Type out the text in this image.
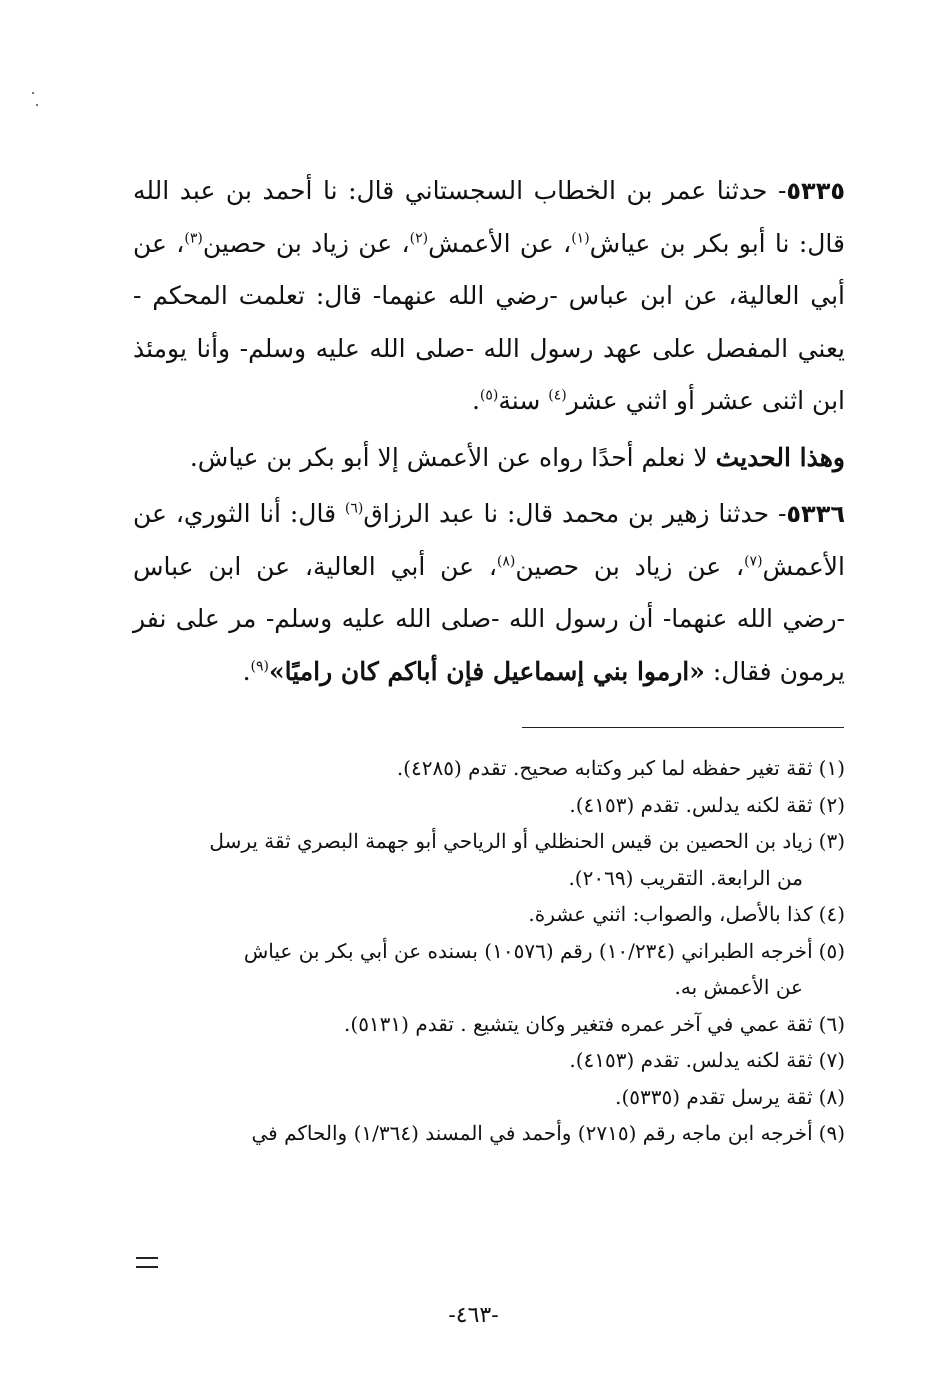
٥٣٣٥- حدثنا عمر بن الخطاب السجستاني قال: نا أحمد بن عبد الله قال: نا أبو بكر بن عياش$^{(١)}$، عن الأعمش$^{(٢)}$، عن زياد بن حصين$^{(٣)}$، عن أبي العالية، عن ابن عباس -رضي الله عنهما- قال: تعلمت المحكم - يعني المفصل على عهد رسول الله -صلى الله عليه وسلم- وأنا يومئذ ابن اثنى عشر أو اثني عشر$^{(٤)}$ سنة$^{(٥)}$.

وهذا الحديث لا نعلم أحدًا رواه عن الأعمش إلا أبو بكر بن عياش.

٥٣٣٦- حدثنا زهير بن محمد قال: نا عبد الرزاق$^{(٦)}$ قال: أنا الثوري، عن الأعمش$^{(٧)}$، عن زياد بن حصين$^{(٨)}$، عن أبي العالية، عن ابن عباس -رضي الله عنهما- أن رسول الله -صلى الله عليه وسلم- مر على نفر يرمون فقال: «ارموا بني إسماعيل فإن أباكم كان راميًا»$^{(٩)}$.

(١)ثقة تغير حفظه لما كبر وكتابه صحيح. تقدم (٤٢٨٥).
(٢)ثقة لكنه يدلس. تقدم (٤١٥٣).
(٣)زياد بن الحصين بن قيس الحنظلي أو الرياحي أبو جهمة البصري ثقة يرسل
من الرابعة. التقريب (٢٠٦٩).
(٤)كذا بالأصل، والصواب: اثني عشرة.
(٥)أخرجه الطبراني (١٠/٢٣٤) رقم (١٠٥٧٦) بسنده عن أبي بكر بن عياش
عن الأعمش به.
(٦)ثقة عمي في آخر عمره فتغير وكان يتشيع . تقدم (٥١٣١).
(٧)ثقة لكنه يدلس. تقدم (٤١٥٣).
(٨)ثقة يرسل تقدم (٥٣٣٥).
(٩)أخرجه ابن ماجه رقم (٢٧١٥) وأحمد في المسند (١/٣٦٤) والحاكم في
-٤٦٣-
